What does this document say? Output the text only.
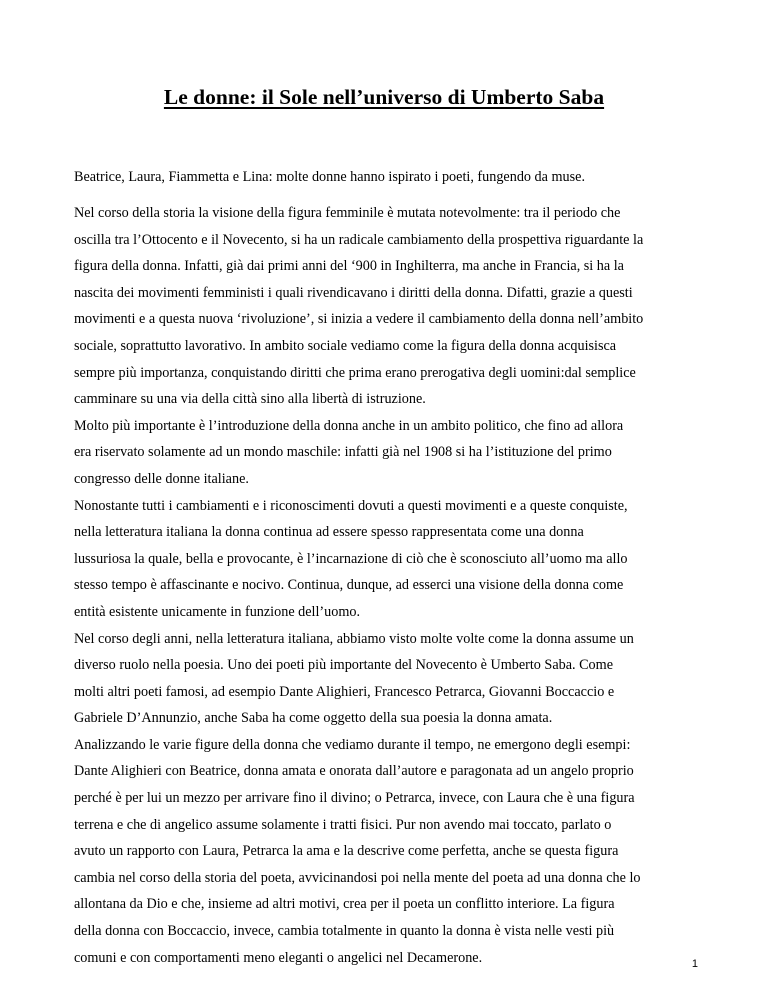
Le donne: il Sole nell’universo di Umberto Saba

Beatrice, Laura, Fiammetta e Lina: molte donne hanno ispirato i poeti, fungendo da muse.

Nel corso della storia la visione della figura femminile è mutata notevolmente: tra il periodo che
oscilla tra l’Ottocento e il Novecento, si ha un radicale cambiamento della prospettiva riguardante la
figura della donna. Infatti, già dai primi anni del ‘900 in Inghilterra, ma anche in Francia, si ha la
nascita dei movimenti femministi i quali rivendicavano i diritti della donna. Difatti, grazie a questi
movimenti e a questa nuova ‘rivoluzione’, si inizia a vedere il cambiamento della donna nell’ambito
sociale, soprattutto lavorativo. In ambito sociale vediamo come la figura della donna acquisisca
sempre più importanza, conquistando diritti che prima erano prerogativa degli uomini:dal semplice
camminare su una via della città sino alla libertà di istruzione.
Molto più importante è l’introduzione della donna anche in un ambito politico, che fino ad allora
era riservato solamente ad un mondo maschile: infatti già nel 1908 si ha l’istituzione del primo
congresso delle donne italiane.
Nonostante tutti i cambiamenti e i riconoscimenti dovuti a questi movimenti e a queste conquiste,
nella letteratura italiana la donna continua ad essere spesso rappresentata come una donna
lussuriosa la quale, bella e provocante, è l’incarnazione di ciò che è sconosciuto all’uomo ma allo
stesso tempo è affascinante e nocivo. Continua, dunque, ad esserci una visione della donna come
entità esistente unicamente in funzione dell’uomo.
Nel corso degli anni, nella letteratura italiana, abbiamo visto molte volte come la donna assume un
diverso ruolo nella poesia. Uno dei poeti più importante del Novecento è Umberto Saba. Come
molti altri poeti famosi, ad esempio Dante Alighieri, Francesco Petrarca, Giovanni Boccaccio e
Gabriele D’Annunzio, anche Saba ha come oggetto della sua poesia la donna amata.
Analizzando le varie figure della donna che vediamo durante il tempo, ne emergono degli esempi:
Dante Alighieri con Beatrice, donna amata e onorata dall’autore e paragonata ad un angelo proprio
perché è per lui un mezzo per arrivare fino il divino; o Petrarca, invece, con Laura che è una figura
terrena e che di angelico assume solamente i tratti fisici. Pur non avendo mai toccato, parlato o
avuto un rapporto con Laura, Petrarca la ama e la descrive come perfetta, anche se questa figura
cambia nel corso della storia del poeta, avvicinandosi poi nella mente del poeta ad una donna che lo
allontana da Dio e che, insieme ad altri motivi, crea per il poeta un conflitto interiore. La figura
della donna con Boccaccio, invece, cambia totalmente in quanto la donna è vista nelle vesti più
comuni e con comportamenti meno eleganti o angelici nel Decamerone.	1
